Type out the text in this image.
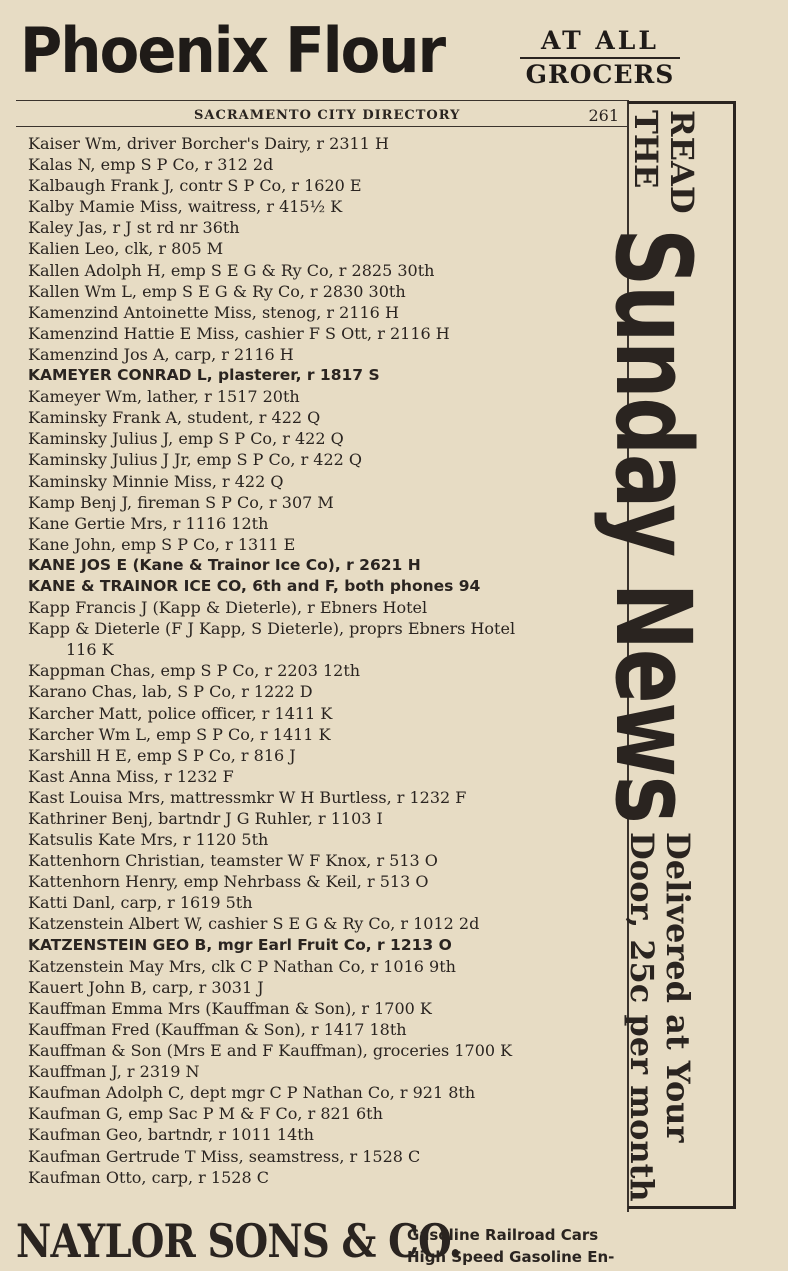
Phoenix Flour	AT ALL
GROCERS
SACRAMENTO CITY DIRECTORY	261
Kaiser Wm, driver Borcher's Dairy, r 2311 H
Kalas N, emp S P Co, r 312 2d
Kalbaugh Frank J, contr S P Co, r 1620 E
Kalby Mamie Miss, waitress, r 415½ K
Kaley Jas, r J st rd nr 36th
Kalien Leo, clk, r 805 M
Kallen Adolph H, emp S E G & Ry Co, r 2825 30th
Kallen Wm L, emp S E G & Ry Co, r 2830 30th
Kamenzind Antoinette Miss, stenog, r 2116 H
Kamenzind Hattie E Miss, cashier F S Ott, r 2116 H
Kamenzind Jos A, carp, r 2116 H
KAMEYER CONRAD L, plasterer, r 1817 S
Kameyer Wm, lather, r 1517 20th
Kaminsky Frank A, student, r 422 Q
Kaminsky Julius J, emp S P Co, r 422 Q
Kaminsky Julius J Jr, emp S P Co, r 422 Q
Kaminsky Minnie Miss, r 422 Q
Kamp Benj J, fireman S P Co, r 307 M
Kane Gertie Mrs, r 1116 12th
Kane John, emp S P Co, r 1311 E
KANE JOS E (Kane & Trainor Ice Co), r 2621 H
KANE & TRAINOR ICE CO, 6th and F, both phones 94
Kapp Francis J (Kapp & Dieterle), r Ebners Hotel
Kapp & Dieterle (F J Kapp, S Dieterle), proprs Ebners Hotel
116 K
Kappman Chas, emp S P Co, r 2203 12th
Karano Chas, lab, S P Co, r 1222 D
Karcher Matt, police officer, r 1411 K
Karcher Wm L, emp S P Co, r 1411 K
Karshill H E, emp S P Co, r 816 J
Kast Anna Miss, r 1232 F
Kast Louisa Mrs, mattressmkr W H Burtless, r 1232 F
Kathriner Benj, bartndr J G Ruhler, r 1103 I
Katsulis Kate Mrs, r 1120 5th
Kattenhorn Christian, teamster W F Knox, r 513 O
Kattenhorn Henry, emp Nehrbass & Keil, r 513 O
Katti Danl, carp, r 1619 5th
Katzenstein Albert W, cashier S E G & Ry Co, r 1012 2d
KATZENSTEIN GEO B, mgr Earl Fruit Co, r 1213 O
Katzenstein May Mrs, clk C P Nathan Co, r 1016 9th
Kauert John B, carp, r 3031 J
Kauffman Emma Mrs (Kauffman & Son), r 1700 K
Kauffman Fred (Kauffman & Son), r 1417 18th
Kauffman & Son (Mrs E and F Kauffman), groceries 1700 K
Kauffman J, r 2319 N
Kaufman Adolph C, dept mgr C P Nathan Co, r 921 8th
Kaufman G, emp Sac P M & F Co, r 821 6th
Kaufman Geo, bartndr, r 1011 14th
Kaufman Gertrude T Miss, seamstress, r 1528 C
Kaufman Otto, carp, r 1528 C
READ
THE
Sunday News
Delivered at Your
Door, 25c per month
NAYLOR SONS & CO.
Gasoline Railroad Cars
High Speed Gasoline En-
